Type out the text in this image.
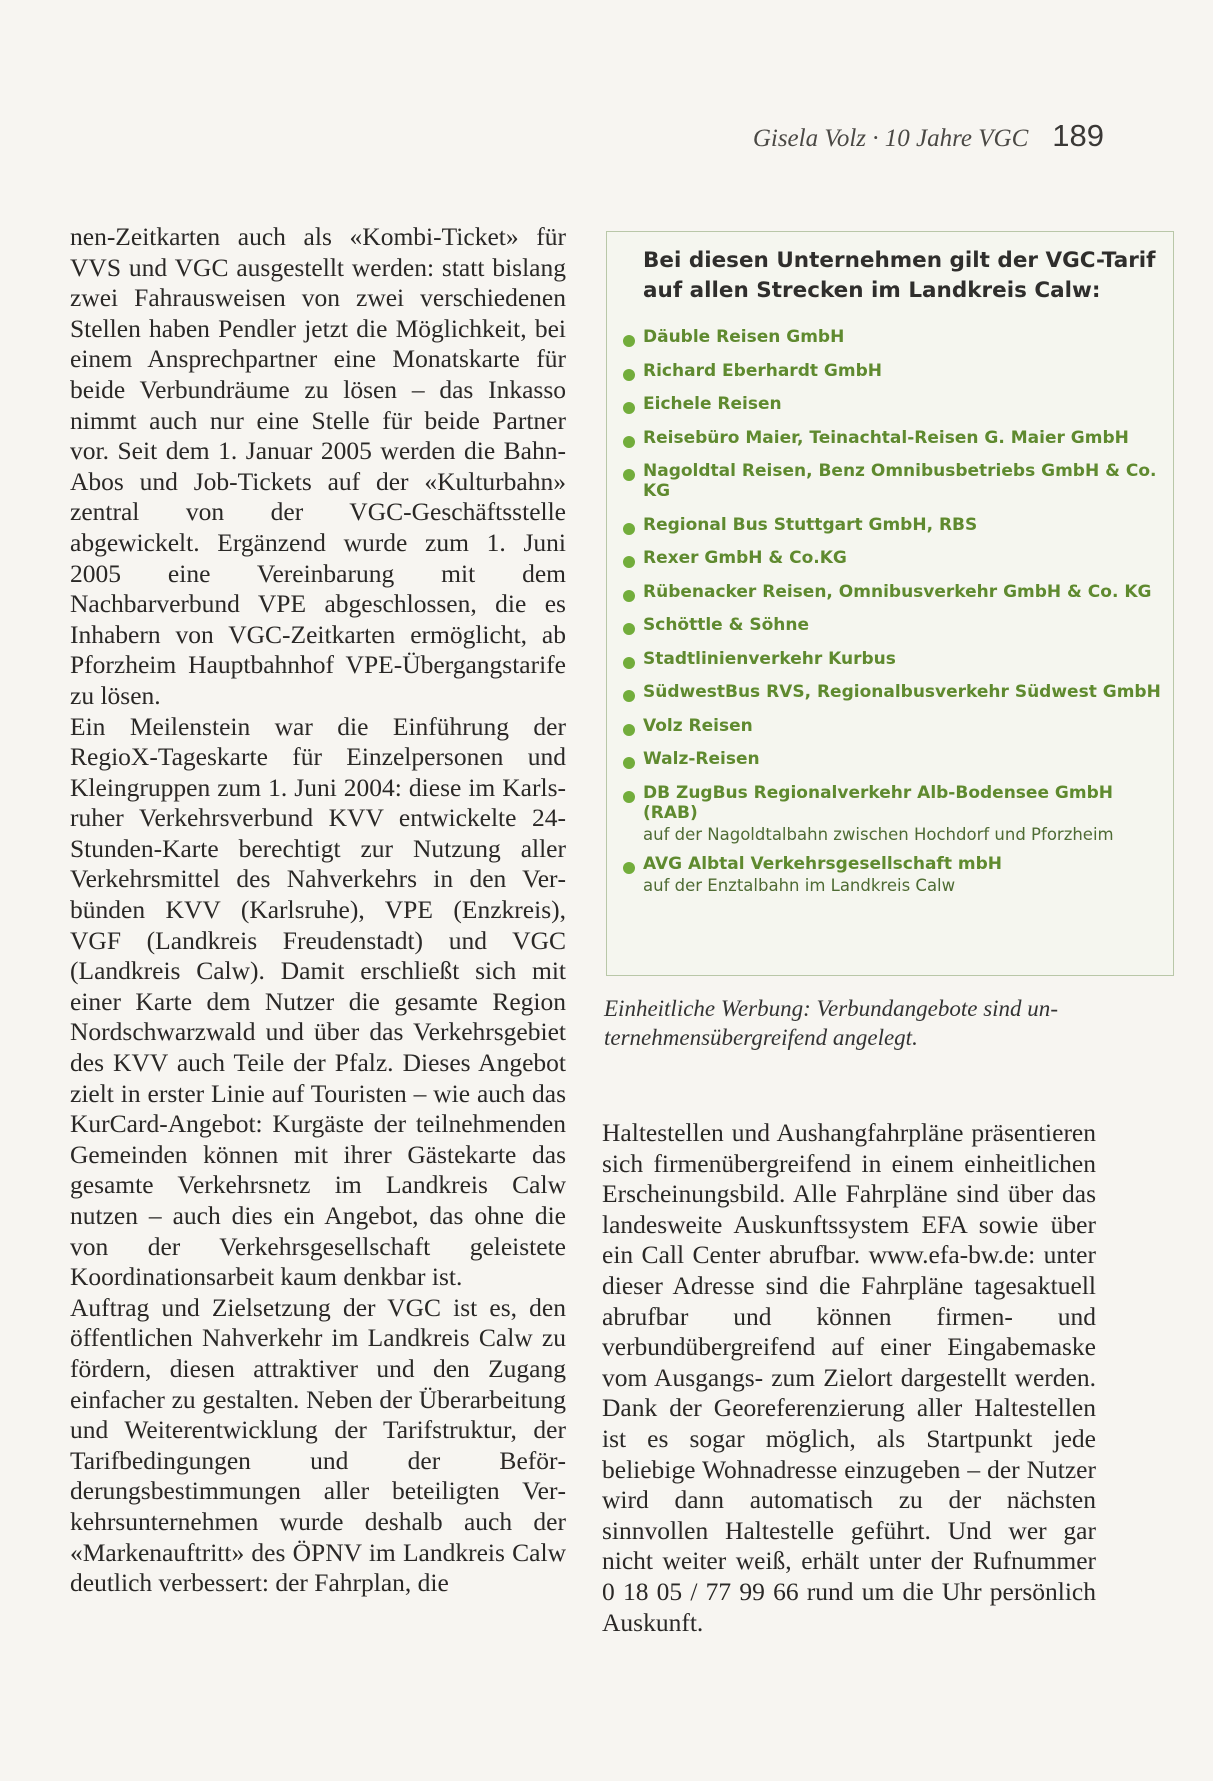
Gisela Volz · 10 Jahre VGC 189

nen-Zeitkarten auch als «Kombi-Ticket» für VVS und VGC ausgestellt werden: statt bislang zwei Fahrausweisen von zwei verschiedenen Stellen haben Pendler jetzt die Möglichkeit, bei einem Ansprechpartner eine Monatskarte für beide Verbundräume zu lösen – das Inkasso nimmt auch nur eine Stelle für beide Partner vor. Seit dem 1. Januar 2005 werden die Bahn-Abos und Job-Tickets auf der «Kulturbahn» zentral von der VGC-Geschäftsstelle abgewickelt. Ergänzend wurde zum 1. Juni 2005 eine Vereinbarung mit dem Nachbarverbund VPE abgeschlossen, die es Inhabern von VGC-Zeitkarten ermöglicht, ab Pforzheim Hauptbahnhof VPE-Übergangstarife zu lösen.

Ein Meilenstein war die Einführung der RegioX-Tageskarte für Einzelpersonen und Kleingruppen zum 1. Juni 2004: diese im Karlsruher Verkehrsverbund KVV entwickelte 24-Stunden-Karte berechtigt zur Nutzung aller Verkehrsmittel des Nahverkehrs in den Verbünden KVV (Karlsruhe), VPE (Enzkreis), VGF (Landkreis Freudenstadt) und VGC (Landkreis Calw). Damit erschließt sich mit einer Karte dem Nutzer die gesamte Region Nordschwarzwald und über das Verkehrsgebiet des KVV auch Teile der Pfalz. Dieses Angebot zielt in erster Linie auf Touristen – wie auch das KurCard-Angebot: Kurgäste der teilnehmenden Gemeinden können mit ihrer Gästekarte das gesamte Verkehrsnetz im Landkreis Calw nutzen – auch dies ein Angebot, das ohne die von der Verkehrsgesellschaft geleistete Koordinationsarbeit kaum denkbar ist.

Auftrag und Zielsetzung der VGC ist es, den öffentlichen Nahverkehr im Landkreis Calw zu fördern, diesen attraktiver und den Zugang einfacher zu gestalten. Neben der Überarbeitung und Weiterentwicklung der Tarifstruktur, der Tarifbedingungen und der Beförderungsbestimmungen aller beteiligten Verkehrsunternehmen wurde deshalb auch der «Markenauftritt» des ÖPNV im Landkreis Calw deutlich verbessert: der Fahrplan, die

Bei diesen Unternehmen gilt der VGC-Tarif auf allen Strecken im Landkreis Calw:
Däuble Reisen GmbH
Richard Eberhardt GmbH
Eichele Reisen
Reisebüro Maier, Teinachtal-Reisen G. Maier GmbH
Nagoldtal Reisen, Benz Omnibusbetriebs GmbH & Co. KG
Regional Bus Stuttgart GmbH, RBS
Rexer GmbH & Co.KG
Rübenacker Reisen, Omnibusverkehr GmbH & Co. KG
Schöttle & Söhne
Stadtlinienverkehr Kurbus
SüdwestBus RVS, Regionalbusverkehr Südwest GmbH
Volz Reisen
Walz-Reisen
DB ZugBus Regionalverkehr Alb-Bodensee GmbH (RAB)
auf der Nagoldtalbahn zwischen Hochdorf und Pforzheim
AVG Albtal Verkehrsgesellschaft mbH
auf der Enztalbahn im Landkreis Calw
Einheitliche Werbung: Verbundangebote sind unternehmensübergreifend angelegt.

Haltestellen und Aushangfahrpläne präsentieren sich firmenübergreifend in einem einheitlichen Erscheinungsbild. Alle Fahrpläne sind über das landesweite Auskunftssystem EFA sowie über ein Call Center abrufbar. www.efa-bw.de: unter dieser Adresse sind die Fahrpläne tagesaktuell abrufbar und können firmen- und verbundübergreifend auf einer Eingabemaske vom Ausgangs- zum Zielort dargestellt werden. Dank der Georeferenzierung aller Haltestellen ist es sogar möglich, als Startpunkt jede beliebige Wohnadresse einzugeben – der Nutzer wird dann automatisch zu der nächsten sinnvollen Haltestelle geführt. Und wer gar nicht weiter weiß, erhält unter der Rufnummer 0 18 05 / 77 99 66 rund um die Uhr persönlich Auskunft.
